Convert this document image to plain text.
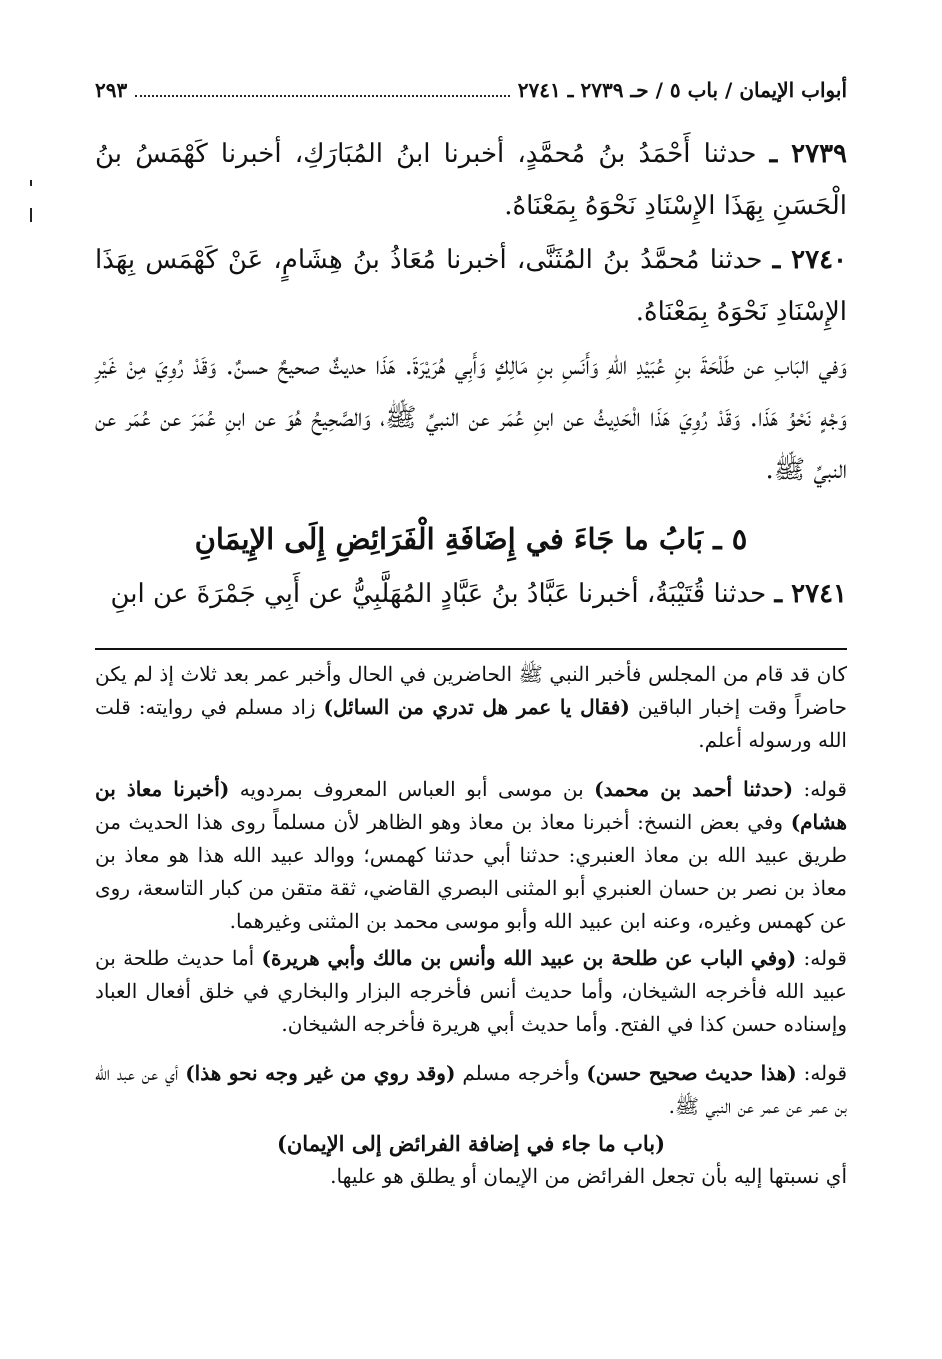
أبواب الإيمان / باب ٥ / حـ ٢٧٣٩ ـ ٢٧٤١
٢٩٣

٢٧٣٩ ـ حدثنا أَحْمَدُ بنُ مُحمَّدٍ، أخبرنا ابنُ المُبَارَكِ، أخبرنا كَهْمَسُ بنُ الْحَسَنِ بِهَذَا الإِسْنَادِ نَحْوَهُ بِمَعْنَاهُ.

٢٧٤٠ ـ حدثنا مُحمَّدُ بنُ المُثَنَّى، أخبرنا مُعَاذُ بنُ هِشَامٍ، عَنْ كَهْمَس بِهَذَا الإِسْنَادِ نَحْوَهُ بِمَعْنَاهُ.

وَفي البَابِ عن طَلْحَةَ بنِ عُبَيْدِ اللهِ وَأَنَسِ بنِ مَالِكٍ وَأَبِي هُرَيْرَةَ. هَذَا حديثٌ صحيحٌ حسنٌ. وَقَدْ رُوِيَ مِنْ غَيْرِ وَجْهٍ نَحْوُ هَذَا. وَقَدْ رُوِيَ هَذَا الْحَدِيثُ عن ابنِ عُمَر عن النبيِّ ﷺ، وَالصَّحِيحُ هُوَ عن ابنِ عُمَرَ عن عُمَر عن النبيِّ ﷺ.

٥ ـ بَابُ ما جَاءَ في إِضَافَةِ الْفَرَائِضِ إِلَى الإِيمَانِ

٢٧٤١ ـ حدثنا قُتَيْبَةُ، أخبرنا عَبَّادُ بنُ عَبَّادٍ المُهَلَّبِيُّ عن أَبِي جَمْرَةَ عن ابنِ

كان قد قام من المجلس فأخبر النبي ﷺ الحاضرين في الحال وأخبر عمر بعد ثلاث إذ لم يكن حاضراً وقت إخبار الباقين (فقال يا عمر هل تدري من السائل) زاد مسلم في روايته: قلت الله ورسوله أعلم.

قوله: (حدثنا أحمد بن محمد) بن موسى أبو العباس المعروف بمردويه (أخبرنا معاذ بن هشام) وفي بعض النسخ: أخبرنا معاذ بن معاذ وهو الظاهر لأن مسلماً روى هذا الحديث من طريق عبيد الله بن معاذ العنبري: حدثنا أبي حدثنا كهمس؛ ووالد عبيد الله هذا هو معاذ بن معاذ بن نصر بن حسان العنبري أبو المثنى البصري القاضي، ثقة متقن من كبار التاسعة، روى عن كهمس وغيره، وعنه ابن عبيد الله وأبو موسى محمد بن المثنى وغيرهما.

قوله: (وفي الباب عن طلحة بن عبيد الله وأنس بن مالك وأبي هريرة) أما حديث طلحة بن عبيد الله فأخرجه الشيخان، وأما حديث أنس فأخرجه البزار والبخاري في خلق أفعال العباد وإسناده حسن كذا في الفتح. وأما حديث أبي هريرة فأخرجه الشيخان.

قوله: (هذا حديث صحيح حسن) وأخرجه مسلم (وقد روي من غير وجه نحو هذا) أي عن عبد الله بن عمر عن عمر عن النبي ﷺ.

(باب ما جاء في إضافة الفرائض إلى الإيمان)

أي نسبتها إليه بأن تجعل الفرائض من الإيمان أو يطلق هو عليها.
